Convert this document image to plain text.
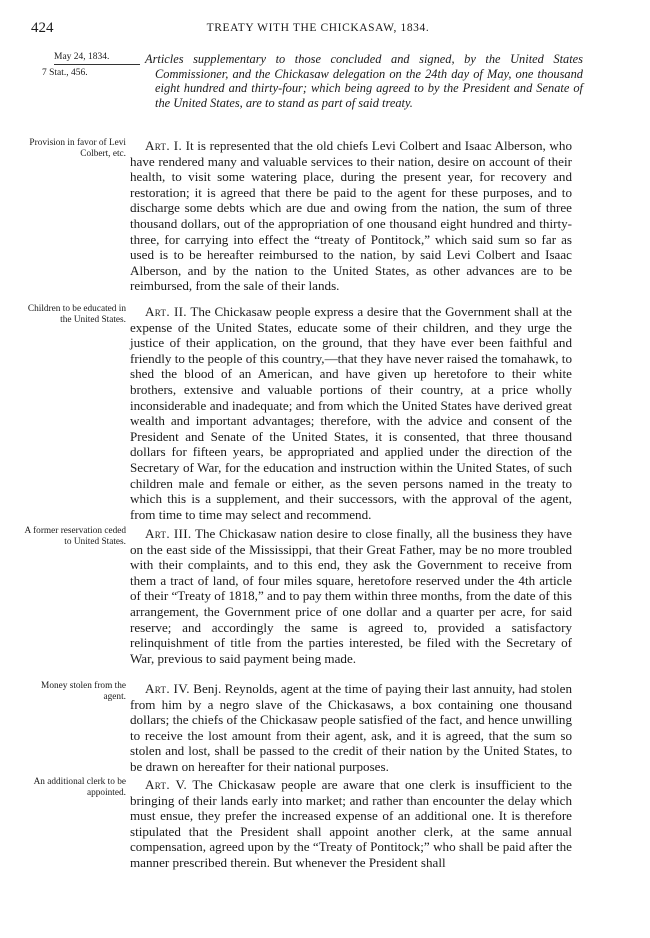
424	TREATY WITH THE CHICKASAW, 1834.
May 24, 1834.
7 Stat., 456.
Articles supplementary to those concluded and signed, by the United States Commissioner, and the Chickasaw delegation on the 24th day of May, one thousand eight hundred and thirty-four; which being agreed to by the President and Senate of the United States, are to stand as part of said treaty.
Provision in favor of Levi Colbert, etc.
Art. I. It is represented that the old chiefs Levi Colbert and Isaac Alberson, who have rendered many and valuable services to their nation, desire on account of their health, to visit some watering place, during the present year, for recovery and restoration; it is agreed that there be paid to the agent for these purposes, and to discharge some debts which are due and owing from the nation, the sum of three thousand dollars, out of the appropriation of one thousand eight hundred and thirty-three, for carrying into effect the “treaty of Pontitock,” which said sum so far as used is to be hereafter reimbursed to the nation, by said Levi Colbert and Isaac Alberson, and by the nation to the United States, as other advances are to be reimbursed, from the sale of their lands.
Children to be educated in the United States.
Art. II. The Chickasaw people express a desire that the Government shall at the expense of the United States, educate some of their children, and they urge the justice of their application, on the ground, that they have ever been faithful and friendly to the people of this country,—that they have never raised the tomahawk, to shed the blood of an American, and have given up heretofore to their white brothers, extensive and valuable portions of their country, at a price wholly inconsiderable and inadequate; and from which the United States have derived great wealth and important advantages; therefore, with the advice and consent of the President and Senate of the United States, it is consented, that three thousand dollars for fifteen years, be appropriated and applied under the direction of the Secretary of War, for the education and instruction within the United States, of such children male and female or either, as the seven persons named in the treaty to which this is a supplement, and their successors, with the approval of the agent, from time to time may select and recommend.
A former reservation ceded to United States.
Art. III. The Chickasaw nation desire to close finally, all the business they have on the east side of the Mississippi, that their Great Father, may be no more troubled with their complaints, and to this end, they ask the Government to receive from them a tract of land, of four miles square, heretofore reserved under the 4th article of their “Treaty of 1818,” and to pay them within three months, from the date of this arrangement, the Government price of one dollar and a quarter per acre, for said reserve; and accordingly the same is agreed to, provided a satisfactory relinquishment of title from the parties interested, be filed with the Secretary of War, previous to said payment being made.
Money stolen from the agent.
Art. IV. Benj. Reynolds, agent at the time of paying their last annuity, had stolen from him by a negro slave of the Chickasaws, a box containing one thousand dollars; the chiefs of the Chickasaw people satisfied of the fact, and hence unwilling to receive the lost amount from their agent, ask, and it is agreed, that the sum so stolen and lost, shall be passed to the credit of their nation by the United States, to be drawn on hereafter for their national purposes.
An additional clerk to be appointed.
Art. V. The Chickasaw people are aware that one clerk is insufficient to the bringing of their lands early into market; and rather than encounter the delay which must ensue, they prefer the increased expense of an additional one. It is therefore stipulated that the President shall appoint another clerk, at the same annual compensation, agreed upon by the “Treaty of Pontitock;” who shall be paid after the manner prescribed therein. But whenever the President shall
